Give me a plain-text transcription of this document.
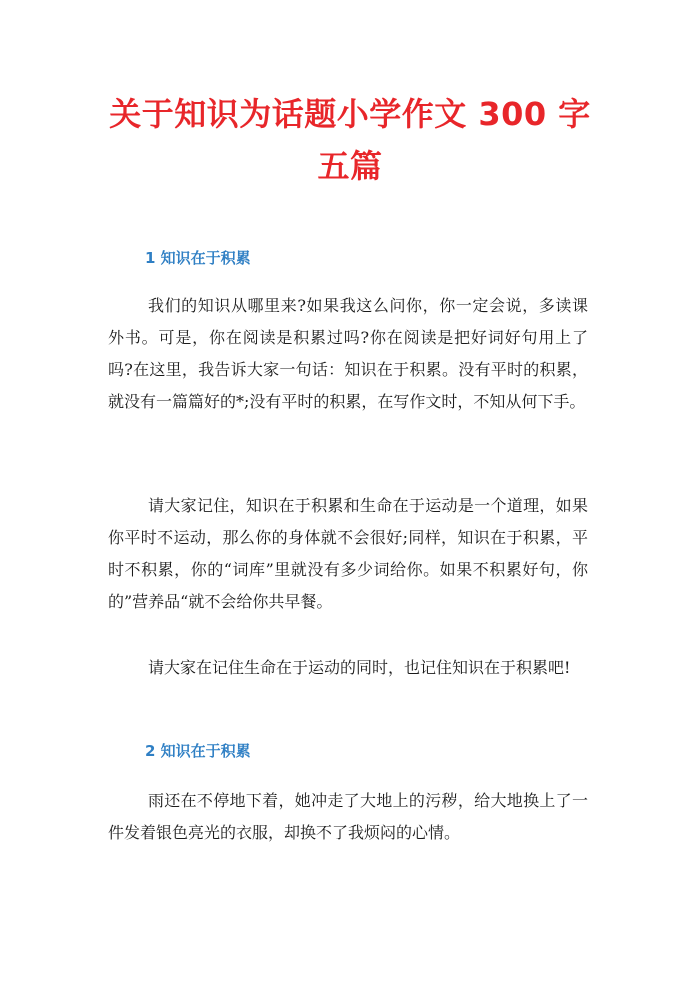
关于知识为话题小学作文 300 字五篇
1 知识在于积累

我们的知识从哪里来?如果我这么问你，你一定会说，多读课外书。可是，你在阅读是积累过吗?你在阅读是把好词好句用上了吗?在这里，我告诉大家一句话：知识在于积累。没有平时的积累，就没有一篇篇好的*;没有平时的积累，在写作文时，不知从何下手。

请大家记住，知识在于积累和生命在于运动是一个道理，如果你平时不运动，那么你的身体就不会很好;同样，知识在于积累，平时不积累，你的“词库”里就没有多少词给你。如果不积累好句，你的”营养品“就不会给你共早餐。

请大家在记住生命在于运动的同时，也记住知识在于积累吧!

2 知识在于积累

雨还在不停地下着，她冲走了大地上的污秽，给大地换上了一件发着银色亮光的衣服，却换不了我烦闷的心情。
